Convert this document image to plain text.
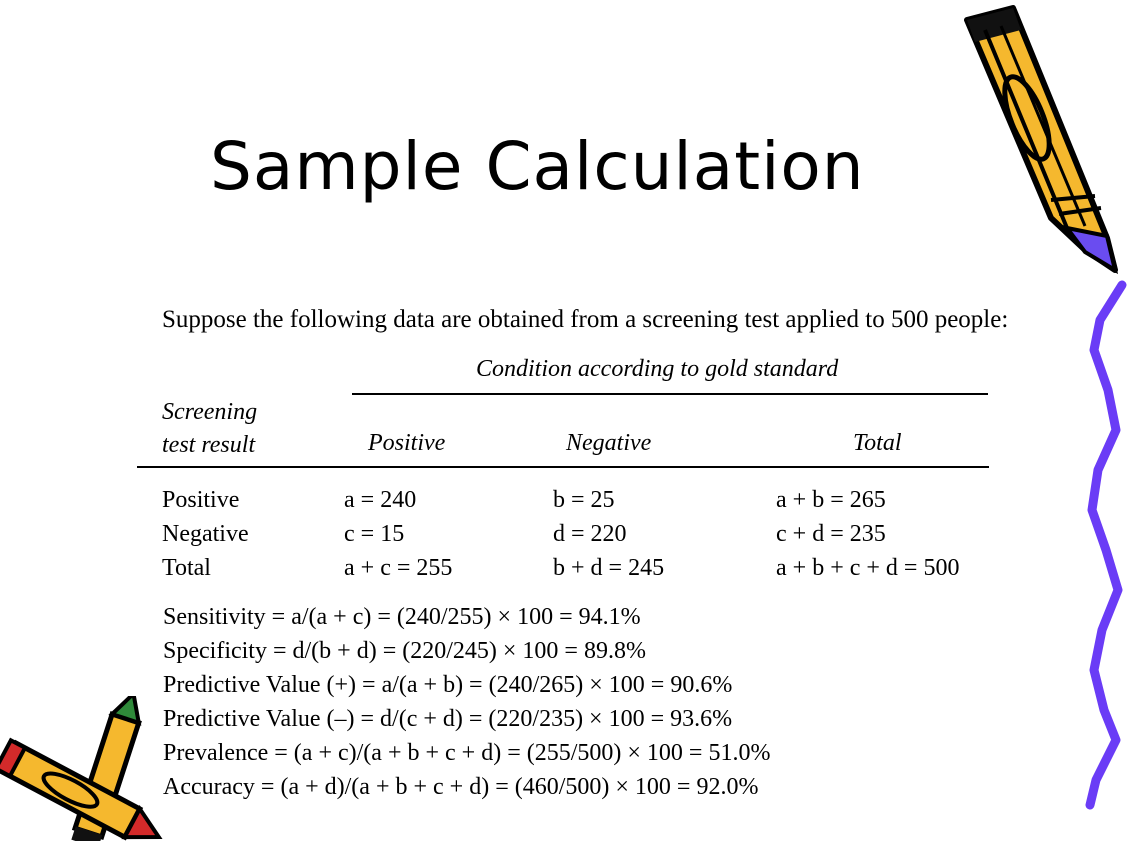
Sample Calculation
Suppose the following data are obtained from a screening test applied to 500 people:
Condition according to gold standard
Screening
test result	Positive	Negative	Total
Positive	a = 240	b = 25	a + b = 265
Negative	c = 15	d = 220	c + d = 235
Total	a + c = 255	b + d = 245	a + b + c + d = 500
Sensitivity = a/(a + c) = (240/255) × 100 = 94.1%
Specificity = d/(b + d) = (220/245) × 100 = 89.8%
Predictive Value (+) = a/(a + b) = (240/265) × 100 = 90.6%
Predictive Value (–) = d/(c + d) = (220/235) × 100 = 93.6%
Prevalence = (a + c)/(a + b + c + d) = (255/500) × 100 = 51.0%
Accuracy = (a + d)/(a + b + c + d) = (460/500) × 100 = 92.0%
